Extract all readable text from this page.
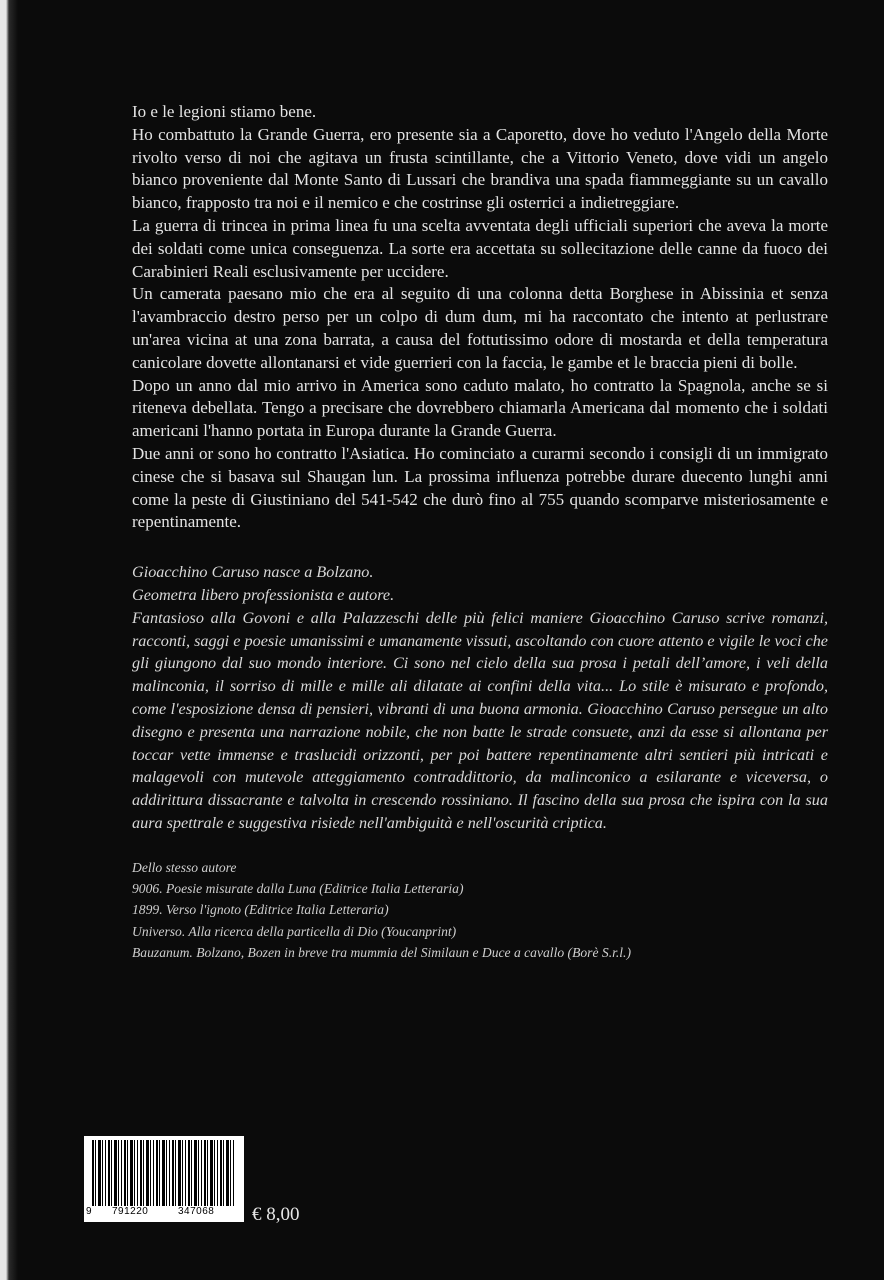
Io e le legioni stiamo bene.

Ho combattuto la Grande Guerra, ero presente sia a Caporetto, dove ho veduto l'Angelo della Morte rivolto verso di noi che agitava un frusta scintillante, che a Vittorio Veneto, dove vidi un angelo bianco proveniente dal Monte Santo di Lussari che brandiva una spada fiammeggiante su un cavallo bianco, frapposto tra noi e il nemico e che costrinse gli osterrici a indietreggiare.

La guerra di trincea in prima linea fu una scelta avventata degli ufficiali superiori che aveva la morte dei soldati come unica conseguenza. La sorte era accettata su sollecitazione delle canne da fuoco dei Carabinieri Reali esclusivamente per uccidere.

Un camerata paesano mio che era al seguito di una colonna detta Borghese in Abissinia et senza l'avambraccio destro perso per un colpo di dum dum, mi ha raccontato che intento at perlustrare un'area vicina at una zona barrata, a causa del fottutissimo odore di mostarda et della temperatura canicolare dovette allontanarsi et vide guerrieri con la faccia, le gambe et le braccia pieni di bolle.

Dopo un anno dal mio arrivo in America sono caduto malato, ho contratto la Spagnola, anche se si riteneva debellata. Tengo a precisare che dovrebbero chiamarla Americana dal momento che i soldati americani l'hanno portata in Europa durante la Grande Guerra.

Due anni or sono ho contratto l'Asiatica. Ho cominciato a curarmi secondo i consigli di un immigrato cinese che si basava sul Shaugan lun. La prossima influenza potrebbe durare duecento lunghi anni come la peste di Giustiniano del 541-542 che durò fino al 755 quando scomparve misteriosamente e repentinamente.

Gioacchino Caruso nasce a Bolzano.

Geometra libero professionista e autore.

Fantasioso alla Govoni e alla Palazzeschi delle più felici maniere Gioacchino Caruso scrive romanzi, racconti, saggi e poesie umanissimi e umanamente vissuti, ascoltando con cuore attento e vigile le voci che gli giungono dal suo mondo interiore. Ci sono nel cielo della sua prosa i petali dell’amore, i veli della malinconia, il sorriso di mille e mille ali dilatate ai confini della vita... Lo stile è misurato e profondo, come l'esposizione densa di pensieri, vibranti di una buona armonia. Gioacchino Caruso persegue un alto disegno e presenta una narrazione nobile, che non batte le strade consuete, anzi da esse si allontana per toccar vette immense e traslucidi orizzonti, per poi battere repentinamente altri sentieri più intricati e malagevoli con mutevole atteggiamento contraddittorio, da malinconico a esilarante e viceversa, o addirittura dissacrante e talvolta in crescendo rossiniano. Il fascino della sua prosa che ispira con la sua aura spettrale e suggestiva risiede nell'ambiguità e nell'oscurità criptica.

Dello stesso autore

9006. Poesie misurate dalla Luna (Editrice Italia Letteraria)

1899. Verso l'ignoto (Editrice Italia Letteraria)

Universo. Alla ricerca della particella di Dio (Youcanprint)

Bauzanum. Bolzano, Bozen in breve tra mummia del Similaun e Duce a cavallo (Borè S.r.l.)

9 791220	347068 € 8,00
